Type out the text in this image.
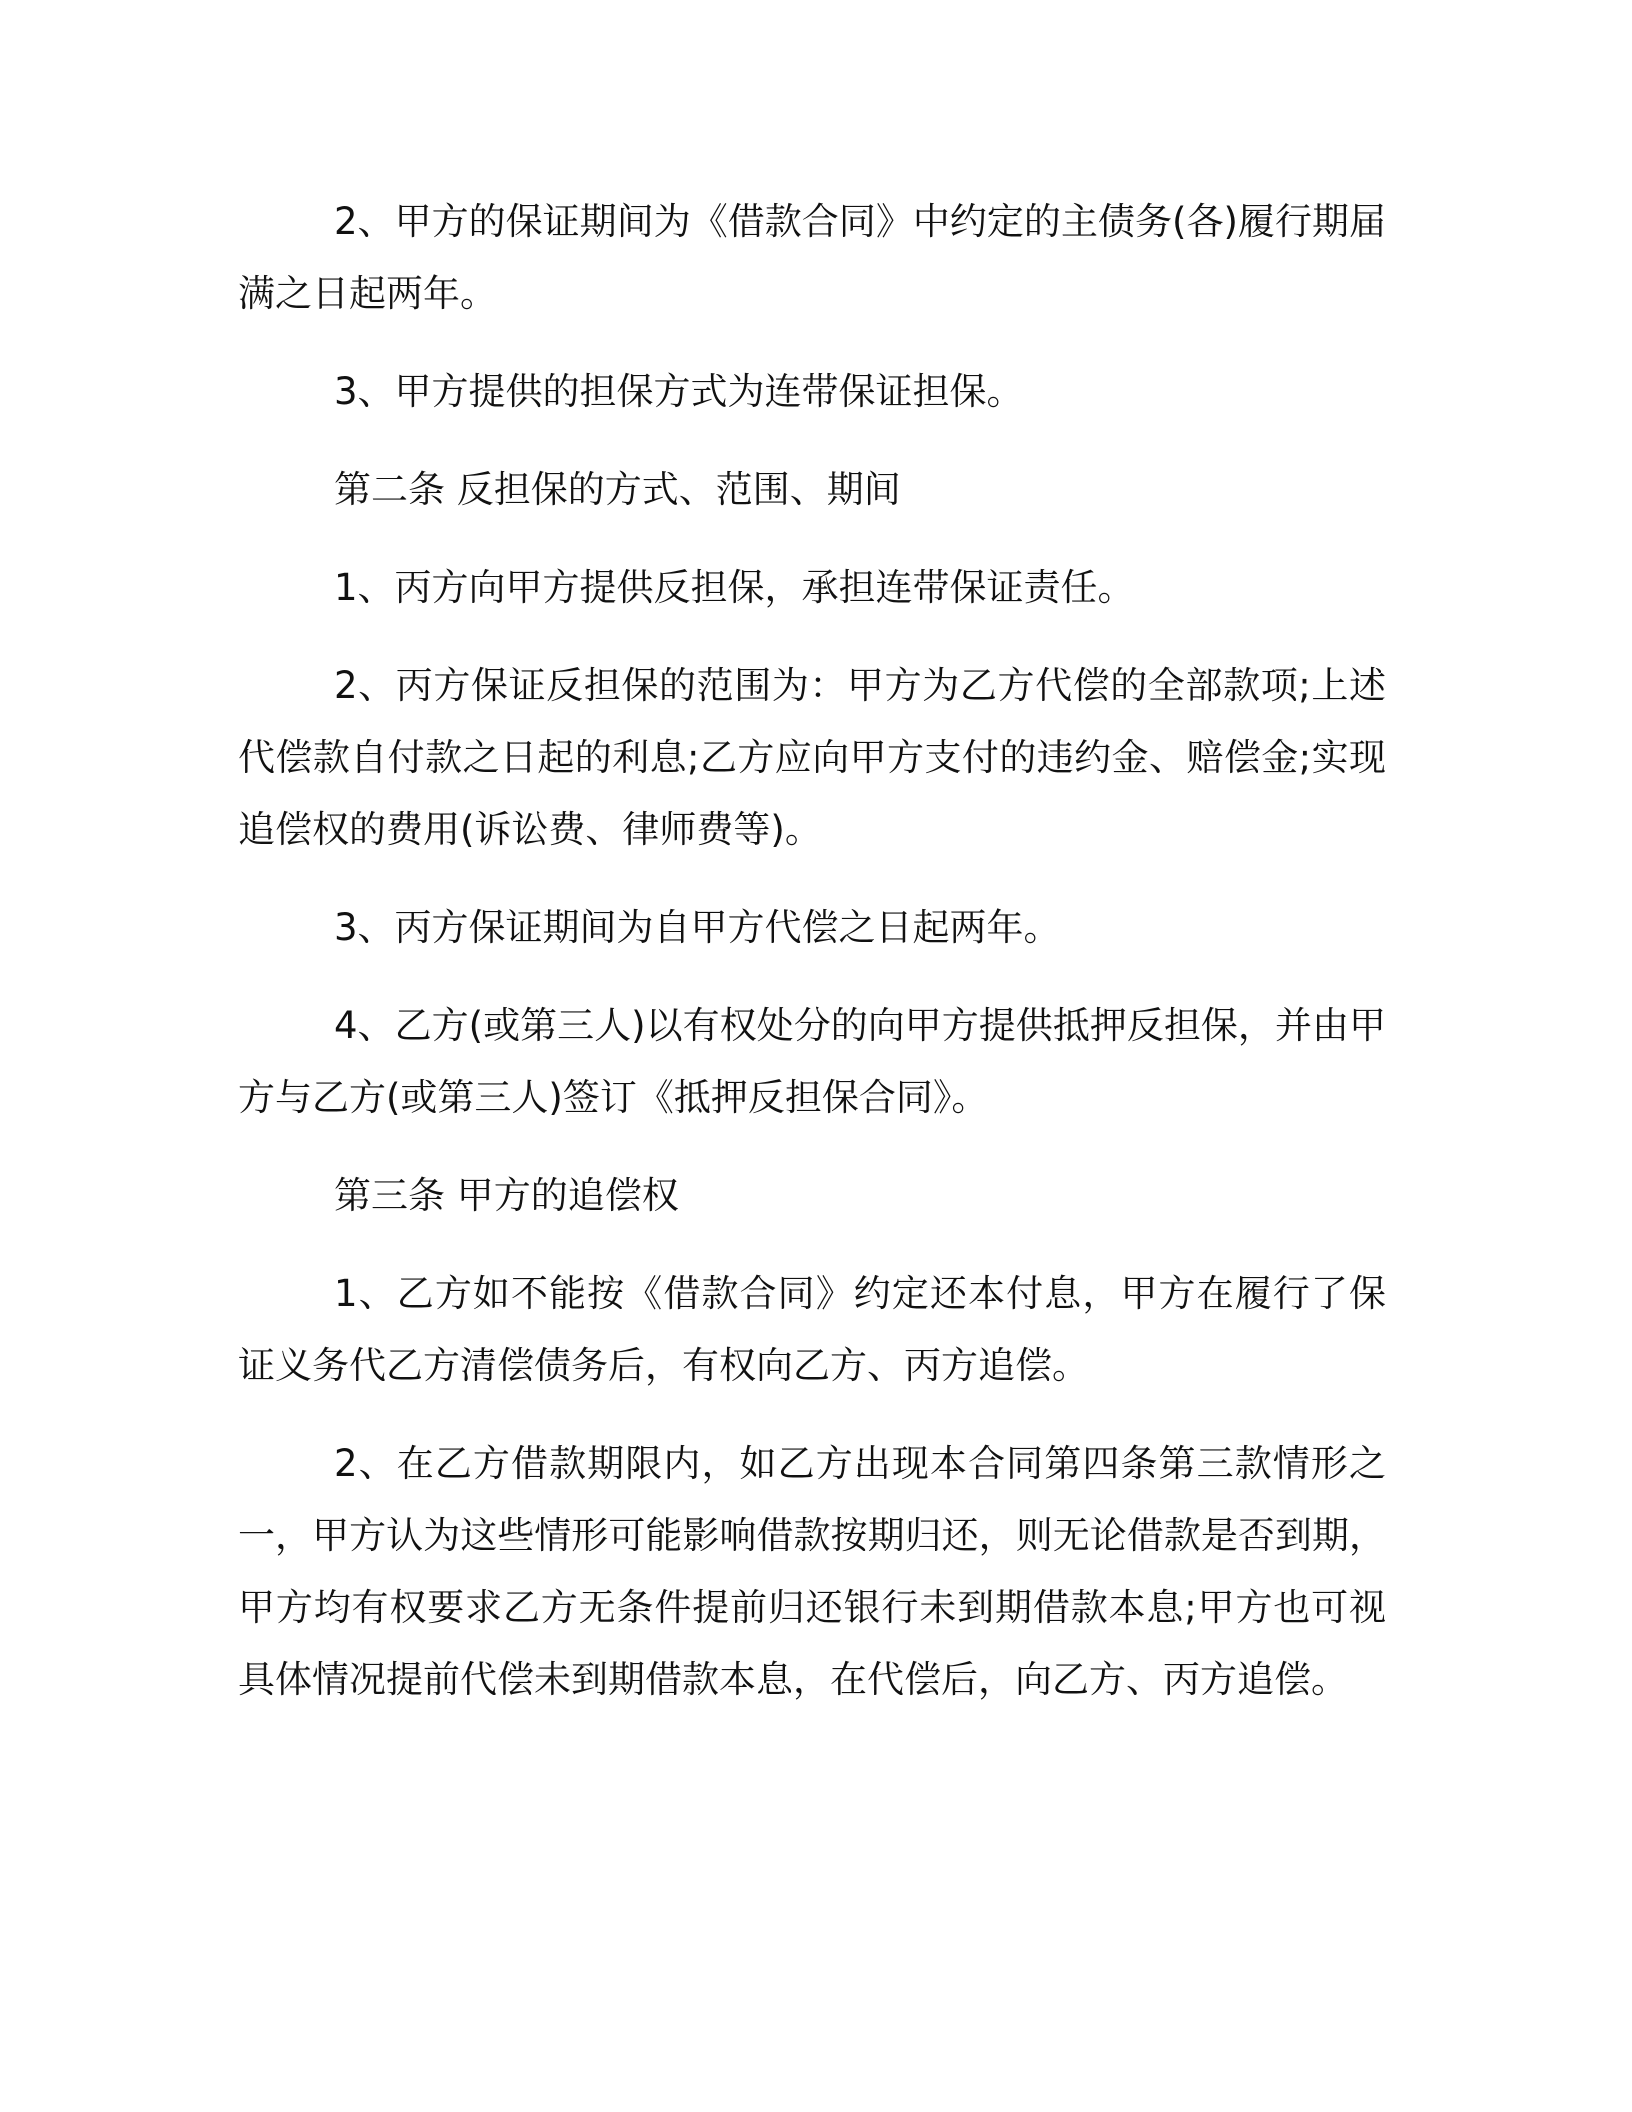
2、甲方的保证期间为《借款合同》中约定的主债务(各)履行期届满之日起两年。

3、甲方提供的担保方式为连带保证担保。

第二条 反担保的方式、范围、期间

1、丙方向甲方提供反担保，承担连带保证责任。

2、丙方保证反担保的范围为：甲方为乙方代偿的全部款项;上述代偿款自付款之日起的利息;乙方应向甲方支付的违约金、赔偿金;实现追偿权的费用(诉讼费、律师费等)。

3、丙方保证期间为自甲方代偿之日起两年。

4、乙方(或第三人)以有权处分的向甲方提供抵押反担保，并由甲方与乙方(或第三人)签订《抵押反担保合同》。

第三条 甲方的追偿权

1、乙方如不能按《借款合同》约定还本付息，甲方在履行了保证义务代乙方清偿债务后，有权向乙方、丙方追偿。

2、在乙方借款期限内，如乙方出现本合同第四条第三款情形之一，甲方认为这些情形可能影响借款按期归还，则无论借款是否到期，甲方均有权要求乙方无条件提前归还银行未到期借款本息;甲方也可视具体情况提前代偿未到期借款本息，在代偿后，向乙方、丙方追偿。
